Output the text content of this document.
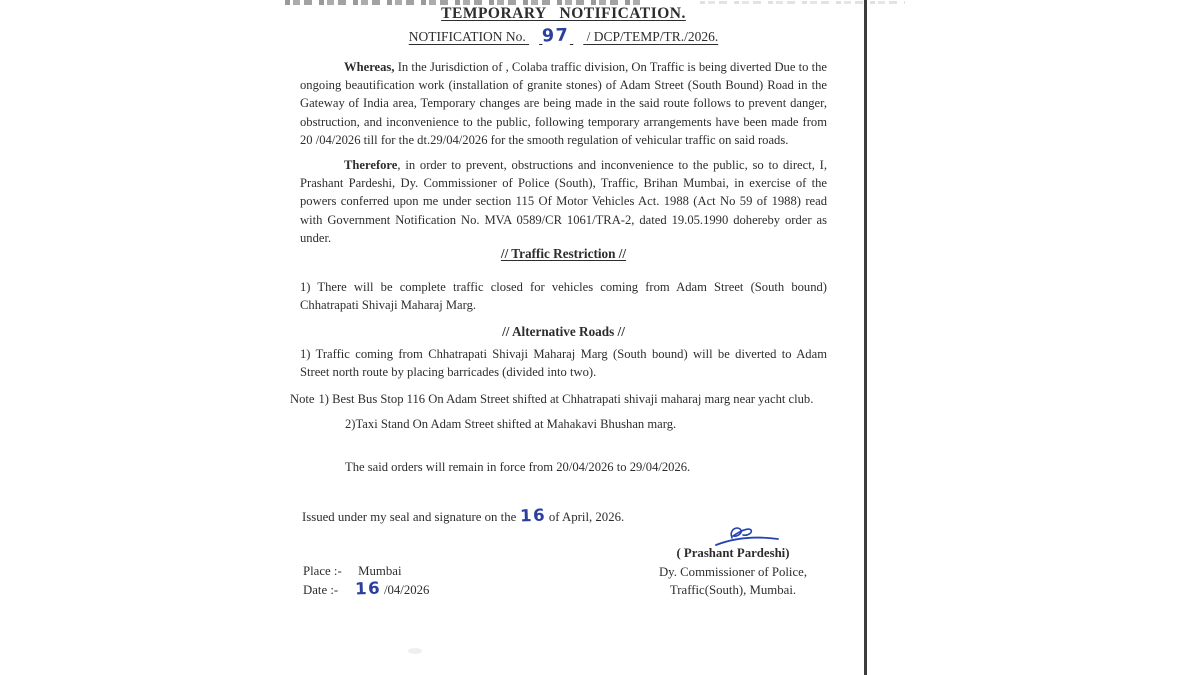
TEMPORARY NOTIFICATION.
NOTIFICATION No. 97 / DCP/TEMP/TR./2026.
Whereas, In the Jurisdiction of , Colaba traffic division, On Traffic is being diverted Due to the ongoing beautification work (installation of granite stones) of Adam Street (South Bound) Road in the Gateway of India area, Temporary changes are being made in the said route follows to prevent danger, obstruction, and inconvenience to the public, following temporary arrangements have been made from 20 /04/2026 till for the dt.29/04/2026 for the smooth regulation of vehicular traffic on said roads.
Therefore, in order to prevent, obstructions and inconvenience to the public, so to direct, I, Prashant Pardeshi, Dy. Commissioner of Police (South), Traffic, Brihan Mumbai, in exercise of the powers conferred upon me under section 115 Of Motor Vehicles Act. 1988 (Act No 59 of 1988) read with Government Notification No. MVA 0589/CR 1061/TRA-2, dated 19.05.1990 dohereby order as under.
// Traffic Restriction //
1) There will be complete traffic closed for vehicles coming from Adam Street (South bound) Chhatrapati Shivaji Maharaj Marg.
// Alternative Roads //
1) Traffic coming from Chhatrapati Shivaji Maharaj Marg (South bound) will be diverted to Adam Street north route by placing barricades (divided into two).
Note 1) Best Bus Stop 116 On Adam Street shifted at Chhatrapati shivaji maharaj marg near yacht club.
2)Taxi Stand On Adam Street shifted at Mahakavi Bhushan marg.
The said orders will remain in force from 20/04/2026 to 29/04/2026.
Issued under my seal and signature on the 16 of April, 2026.
( Prashant Pardeshi)
Dy. Commissioner of Police,
Traffic(South), Mumbai.
Place :- Mumbai
Date :- 16 /04/2026
